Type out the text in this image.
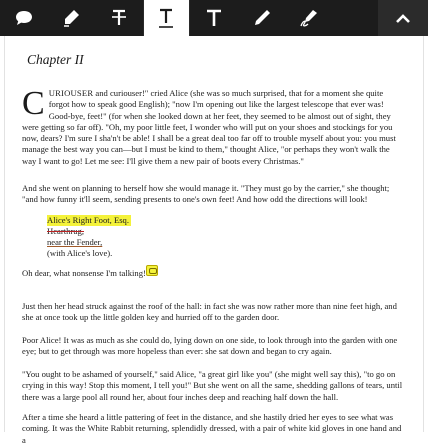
Chapter II

CURIOUSER and curiouser!" cried Alice (she was so much surprised, that for a moment she quite forgot how to speak good English); "now I'm opening out like the largest telescope that ever was! Good-bye, feet!" (for when she looked down at her feet, they seemed to be almost out of sight, they were getting so far off). "Oh, my poor little feet, I wonder who will put on your shoes and stockings for you now, dears? I'm sure I sha'n't be able! I shall be a great deal too far off to trouble myself about you: you must manage the best way you can—but I must be kind to them," thought Alice, "or perhaps they won't walk the way I want to go! Let me see: I'll give them a new pair of boots every Christmas."

And she went on planning to herself how she would manage it. "They must go by the carrier," she thought; "and how funny it'll seem, sending presents to one's own feet! And how odd the directions will look!

Alice's Right Foot, Esq.
Hearthrug,
near the Fender,
(with Alice's love).

Oh dear, what nonsense I'm talking!

Just then her head struck against the roof of the hall: in fact she was now rather more than nine feet high, and she at once took up the little golden key and hurried off to the garden door.

Poor Alice! It was as much as she could do, lying down on one side, to look through into the garden with one eye; but to get through was more hopeless than ever: she sat down and began to cry again.

"You ought to be ashamed of yourself," said Alice, "a great girl like you" (she might well say this), "to go on crying in this way! Stop this moment, I tell you!" But she went on all the same, shedding gallons of tears, until there was a large pool all round her, about four inches deep and reaching half down the hall.

After a time she heard a little pattering of feet in the distance, and she hastily dried her eyes to see what was coming. It was the White Rabbit returning, splendidly dressed, with a pair of white kid gloves in one hand and a
